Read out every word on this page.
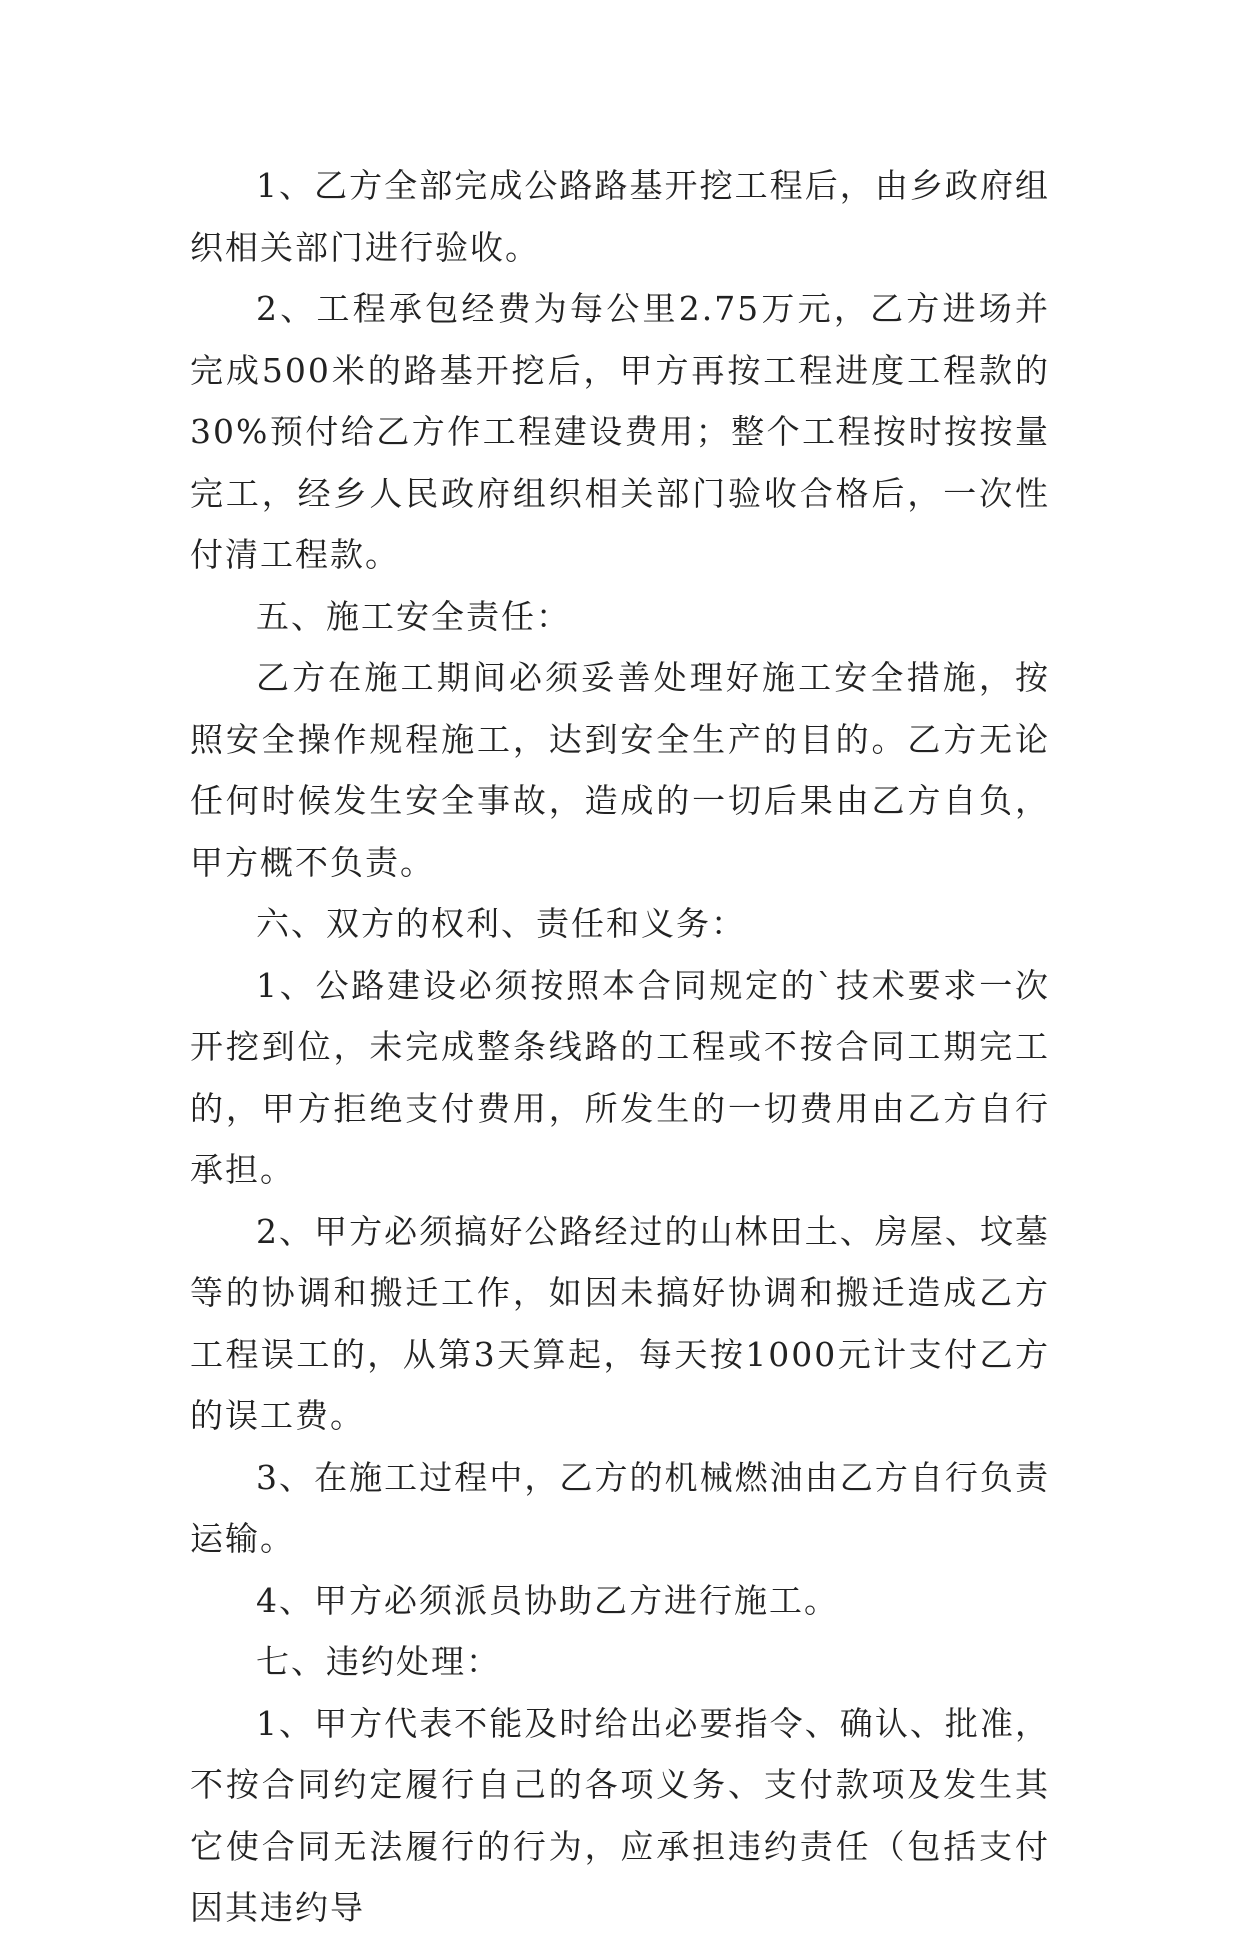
1、乙方全部完成公路路基开挖工程后，由乡政府组织相关部门进行验收。

2、工程承包经费为每公里2.75万元，乙方进场并完成500米的路基开挖后，甲方再按工程进度工程款的30%预付给乙方作工程建设费用；整个工程按时按按量完工，经乡人民政府组织相关部门验收合格后，一次性付清工程款。

五、施工安全责任：

乙方在施工期间必须妥善处理好施工安全措施，按照安全操作规程施工，达到安全生产的目的。乙方无论任何时候发生安全事故，造成的一切后果由乙方自负，甲方概不负责。

六、双方的权利、责任和义务：

1、公路建设必须按照本合同规定的`技术要求一次开挖到位，未完成整条线路的工程或不按合同工期完工的，甲方拒绝支付费用，所发生的一切费用由乙方自行承担。

2、甲方必须搞好公路经过的山林田土、房屋、坟墓等的协调和搬迁工作，如因未搞好协调和搬迁造成乙方工程误工的，从第3天算起，每天按1000元计支付乙方的误工费。

3、在施工过程中，乙方的机械燃油由乙方自行负责运输。

4、甲方必须派员协助乙方进行施工。

七、违约处理：

1、甲方代表不能及时给出必要指令、确认、批准，不按合同约定履行自己的各项义务、支付款项及发生其它使合同无法履行的行为，应承担违约责任（包括支付因其违约导
